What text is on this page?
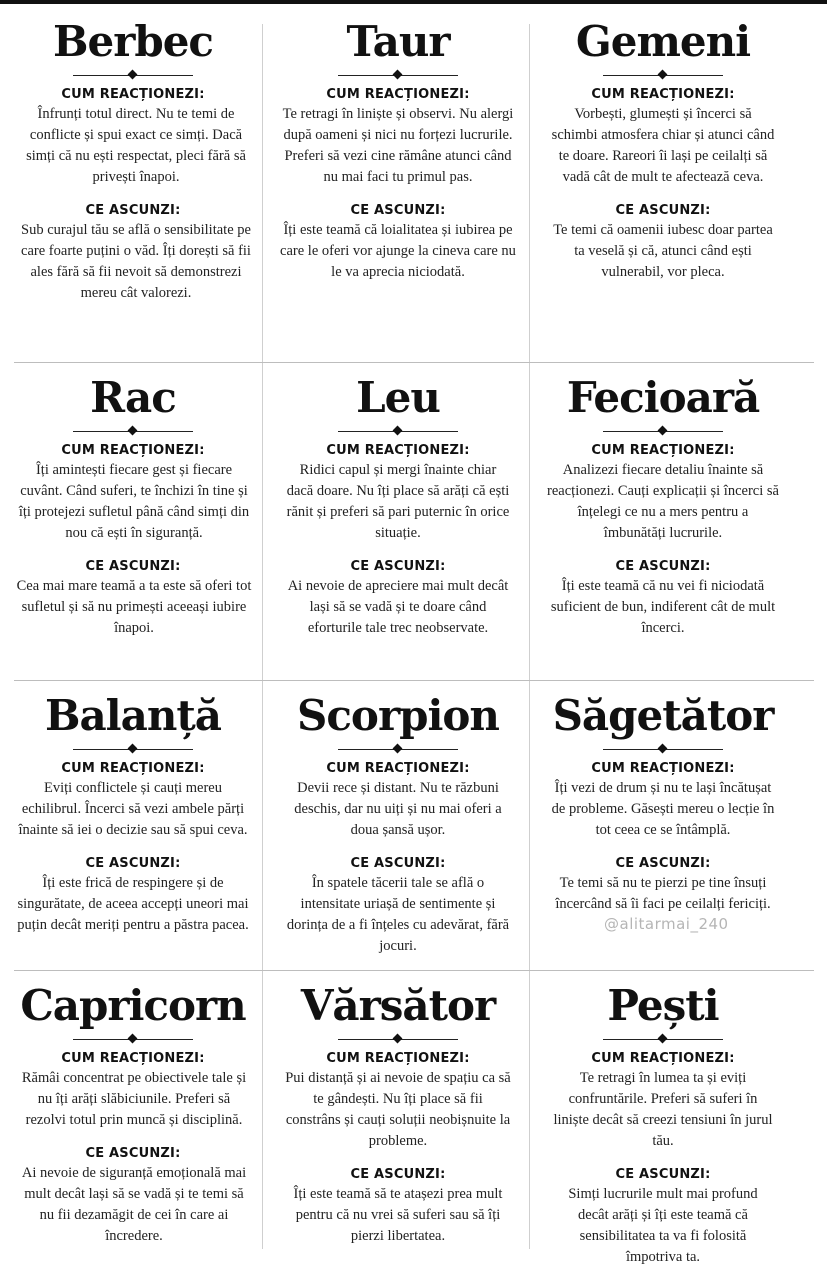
Berbec

CUM REACȚIONEZI:

Înfrunți totul direct. Nu te temi de conflicte și spui exact ce simți. Dacă simți că nu ești respectat, pleci fără să privești înapoi.

CE ASCUNZI:

Sub curajul tău se află o sensibilitate pe care foarte puțini o văd. Îți dorești să fii ales fără să fii nevoit să demonstrezi mereu cât valorezi.

Taur

CUM REACȚIONEZI:

Te retragi în liniște și observi. Nu alergi după oameni și nici nu forțezi lucrurile. Preferi să vezi cine rămâne atunci când nu mai faci tu primul pas.

CE ASCUNZI:

Îți este teamă că loialitatea și iubirea pe care le oferi vor ajunge la cineva care nu le va aprecia niciodată.

Gemeni

CUM REACȚIONEZI:

Vorbești, glumești și încerci să schimbi atmosfera chiar și atunci când te doare. Rareori îi lași pe ceilalți să vadă cât de mult te afectează ceva.

CE ASCUNZI:

Te temi că oamenii iubesc doar partea ta veselă și că, atunci când ești vulnerabil, vor pleca.

Rac

CUM REACȚIONEZI:

Îți amintești fiecare gest și fiecare cuvânt. Când suferi, te închizi în tine și îți protejezi sufletul până când simți din nou că ești în siguranță.

CE ASCUNZI:

Cea mai mare teamă a ta este să oferi tot sufletul și să nu primești aceeași iubire înapoi.

Leu

CUM REACȚIONEZI:

Ridici capul și mergi înainte chiar dacă doare. Nu îți place să arăți că ești rănit și preferi să pari puternic în orice situație.

CE ASCUNZI:

Ai nevoie de apreciere mai mult decât lași să se vadă și te doare când eforturile tale trec neobservate.

Fecioară

CUM REACȚIONEZI:

Analizezi fiecare detaliu înainte să reacționezi. Cauți explicații și încerci să înțelegi ce nu a mers pentru a îmbunătăți lucrurile.

CE ASCUNZI:

Îți este teamă că nu vei fi niciodată suficient de bun, indiferent cât de mult încerci.

Balanță

CUM REACȚIONEZI:

Eviți conflictele și cauți mereu echilibrul. Încerci să vezi ambele părți înainte să iei o decizie sau să spui ceva.

CE ASCUNZI:

Îți este frică de respingere și de singurătate, de aceea accepți uneori mai puțin decât meriți pentru a păstra pacea.

Scorpion

CUM REACȚIONEZI:

Devii rece și distant. Nu te răzbuni deschis, dar nu uiți și nu mai oferi a doua șansă ușor.

CE ASCUNZI:

În spatele tăcerii tale se află o intensitate uriașă de sentimente și dorința de a fi înțeles cu adevărat, fără jocuri.

Săgetător

CUM REACȚIONEZI:

Îți vezi de drum și nu te lași încătușat de probleme. Găsești mereu o lecție în tot ceea ce se întâmplă.

CE ASCUNZI:

Te temi să nu te pierzi pe tine însuți încercând să îi faci pe ceilalți fericiți.

Capricorn

CUM REACȚIONEZI:

Rămâi concentrat pe obiectivele tale și nu îți arăți slăbiciunile. Preferi să rezolvi totul prin muncă și disciplină.

CE ASCUNZI:

Ai nevoie de siguranță emoțională mai mult decât lași să se vadă și te temi să nu fii dezamăgit de cei în care ai încredere.

Vărsător

CUM REACȚIONEZI:

Pui distanță și ai nevoie de spațiu ca să te gândești. Nu îți place să fii constrâns și cauți soluții neobișnuite la probleme.

CE ASCUNZI:

Îți este teamă să te atașezi prea mult pentru că nu vrei să suferi sau să îți pierzi libertatea.

Pești

CUM REACȚIONEZI:

Te retragi în lumea ta și eviți confruntările. Preferi să suferi în liniște decât să creezi tensiuni în jurul tău.

CE ASCUNZI:

Simți lucrurile mult mai profund decât arăți și îți este teamă că sensibilitatea ta va fi folosită împotriva ta.

@alitarmai_240
